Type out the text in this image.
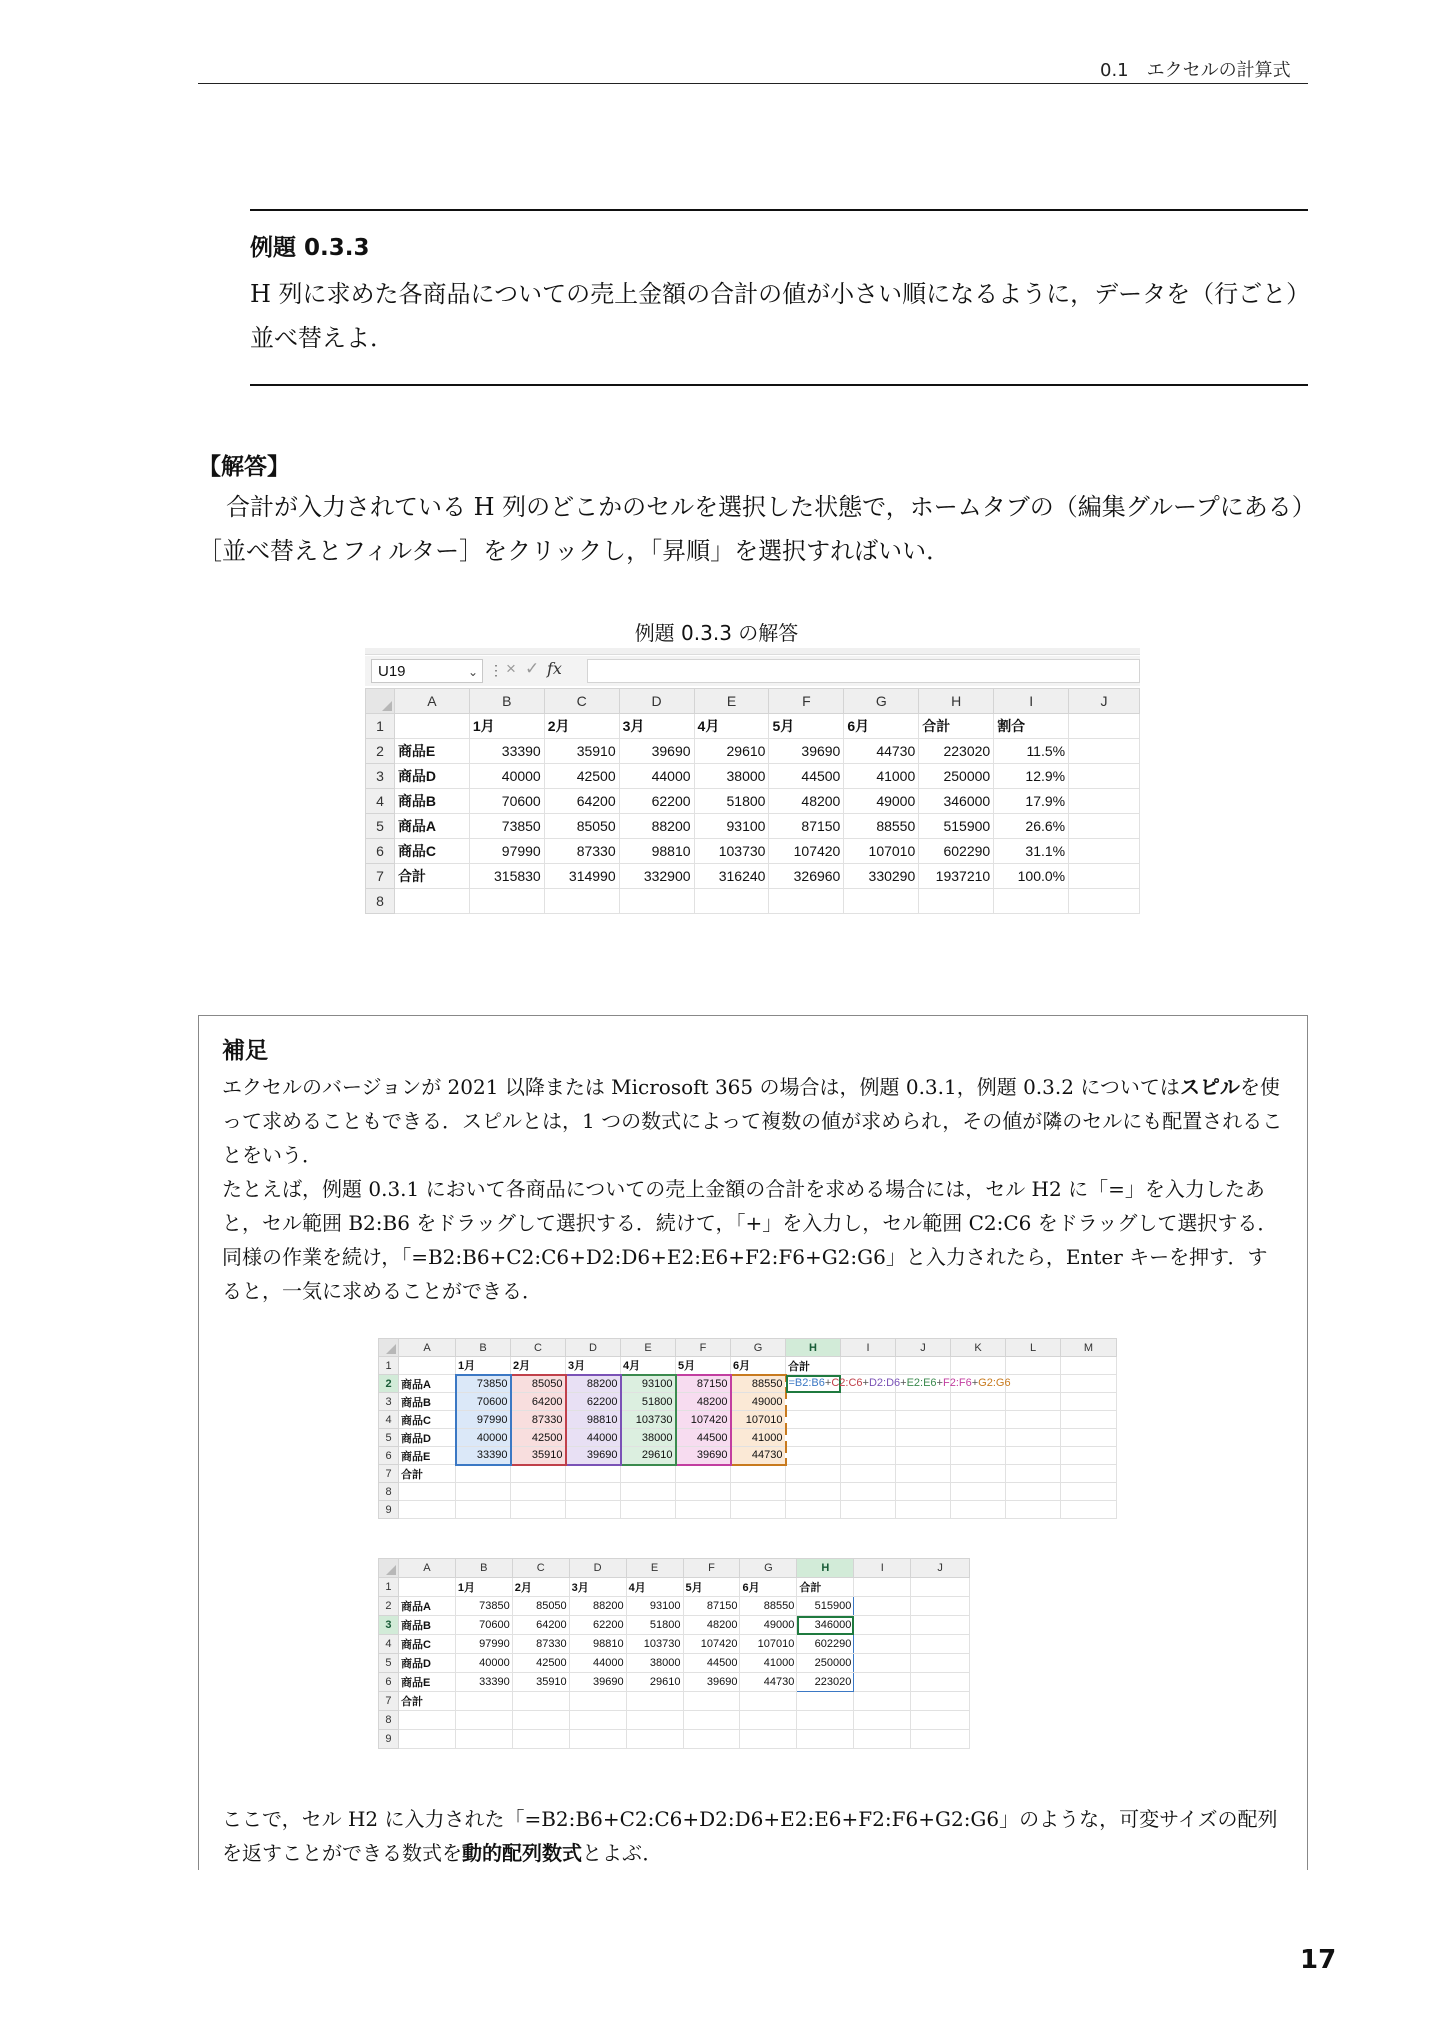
0.1　エクセルの計算式
例題 0.3.3
H 列に求めた各商品についての売上金額の合計の値が小さい順になるように，データを（行ごと）並べ替えよ．
【解答】
合計が入力されている H 列のどこかのセルを選択した状態で，ホームタブの（編集グループにある）［並べ替えとフィルター］をクリックし，「昇順」を選択すればいい．
例題 0.3.3 の解答
U19	⌄ ⋮ × ✓ fx
	A	B	C	D	E	F	G	H	I	J
1		1月	2月	3月	4月	5月	6月	合計	割合	
2	商品E	33390	35910	39690	29610	39690	44730	223020	11.5%	
3	商品D	40000	42500	44000	38000	44500	41000	250000	12.9%	
4	商品B	70600	64200	62200	51800	48200	49000	346000	17.9%	
5	商品A	73850	85050	88200	93100	87150	88550	515900	26.6%	
6	商品C	97990	87330	98810	103730	107420	107010	602290	31.1%	
7	合計	315830	314990	332900	316240	326960	330290	1937210	100.0%	
8										
補足
エクセルのバージョンが 2021 以降または Microsoft 365 の場合は，例題 0.3.1，例題 0.3.2 についてはスピルを使って求めることもできる．スピルとは，1 つの数式によって複数の値が求められ，その値が隣のセルにも配置されることをいう．
たとえば，例題 0.3.1 において各商品についての売上金額の合計を求める場合には，セル H2 に「=」を入力したあと，セル範囲 B2:B6 をドラッグして選択する．続けて，「+」を入力し，セル範囲 C2:C6 をドラッグして選択する．同様の作業を続け，「=B2:B6+C2:C6+D2:D6+E2:E6+F2:F6+G2:G6」と入力されたら，Enter キーを押す．すると，一気に求めることができる．
	A	B	C	D	E	F	G	H	I	J	K	L	M
1		1月	2月	3月	4月	5月	6月	合計					
2	商品A	73850	85050	88200	93100	87150	88550	=B2:B6+C2:C6+D2:D6+E2:E6+F2:F6+G2:G6					

3	商品B	70600	64200	62200	51800	48200	49000						
4	商品C	97990	87330	98810	103730	107420	107010						
5	商品D	40000	42500	44000	38000	44500	41000						
6	商品E	33390	35910	39690	29610	39690	44730						
7	合計												
8													
9													
	A	B	C	D	E	F	G	H	I	J
1		1月	2月	3月	4月	5月	6月	合計		
2	商品A	73850	85050	88200	93100	87150	88550	515900		
3	商品B	70600	64200	62200	51800	48200	49000	346000		
4	商品C	97990	87330	98810	103730	107420	107010	602290		
5	商品D	40000	42500	44000	38000	44500	41000	250000		
6	商品E	33390	35910	39690	29610	39690	44730	223020		
7	合計									
8										
9										
ここで，セル H2 に入力された「=B2:B6+C2:C6+D2:D6+E2:E6+F2:F6+G2:G6」のような，可変サイズの配列を返すことができる数式を動的配列数式とよぶ．
17
